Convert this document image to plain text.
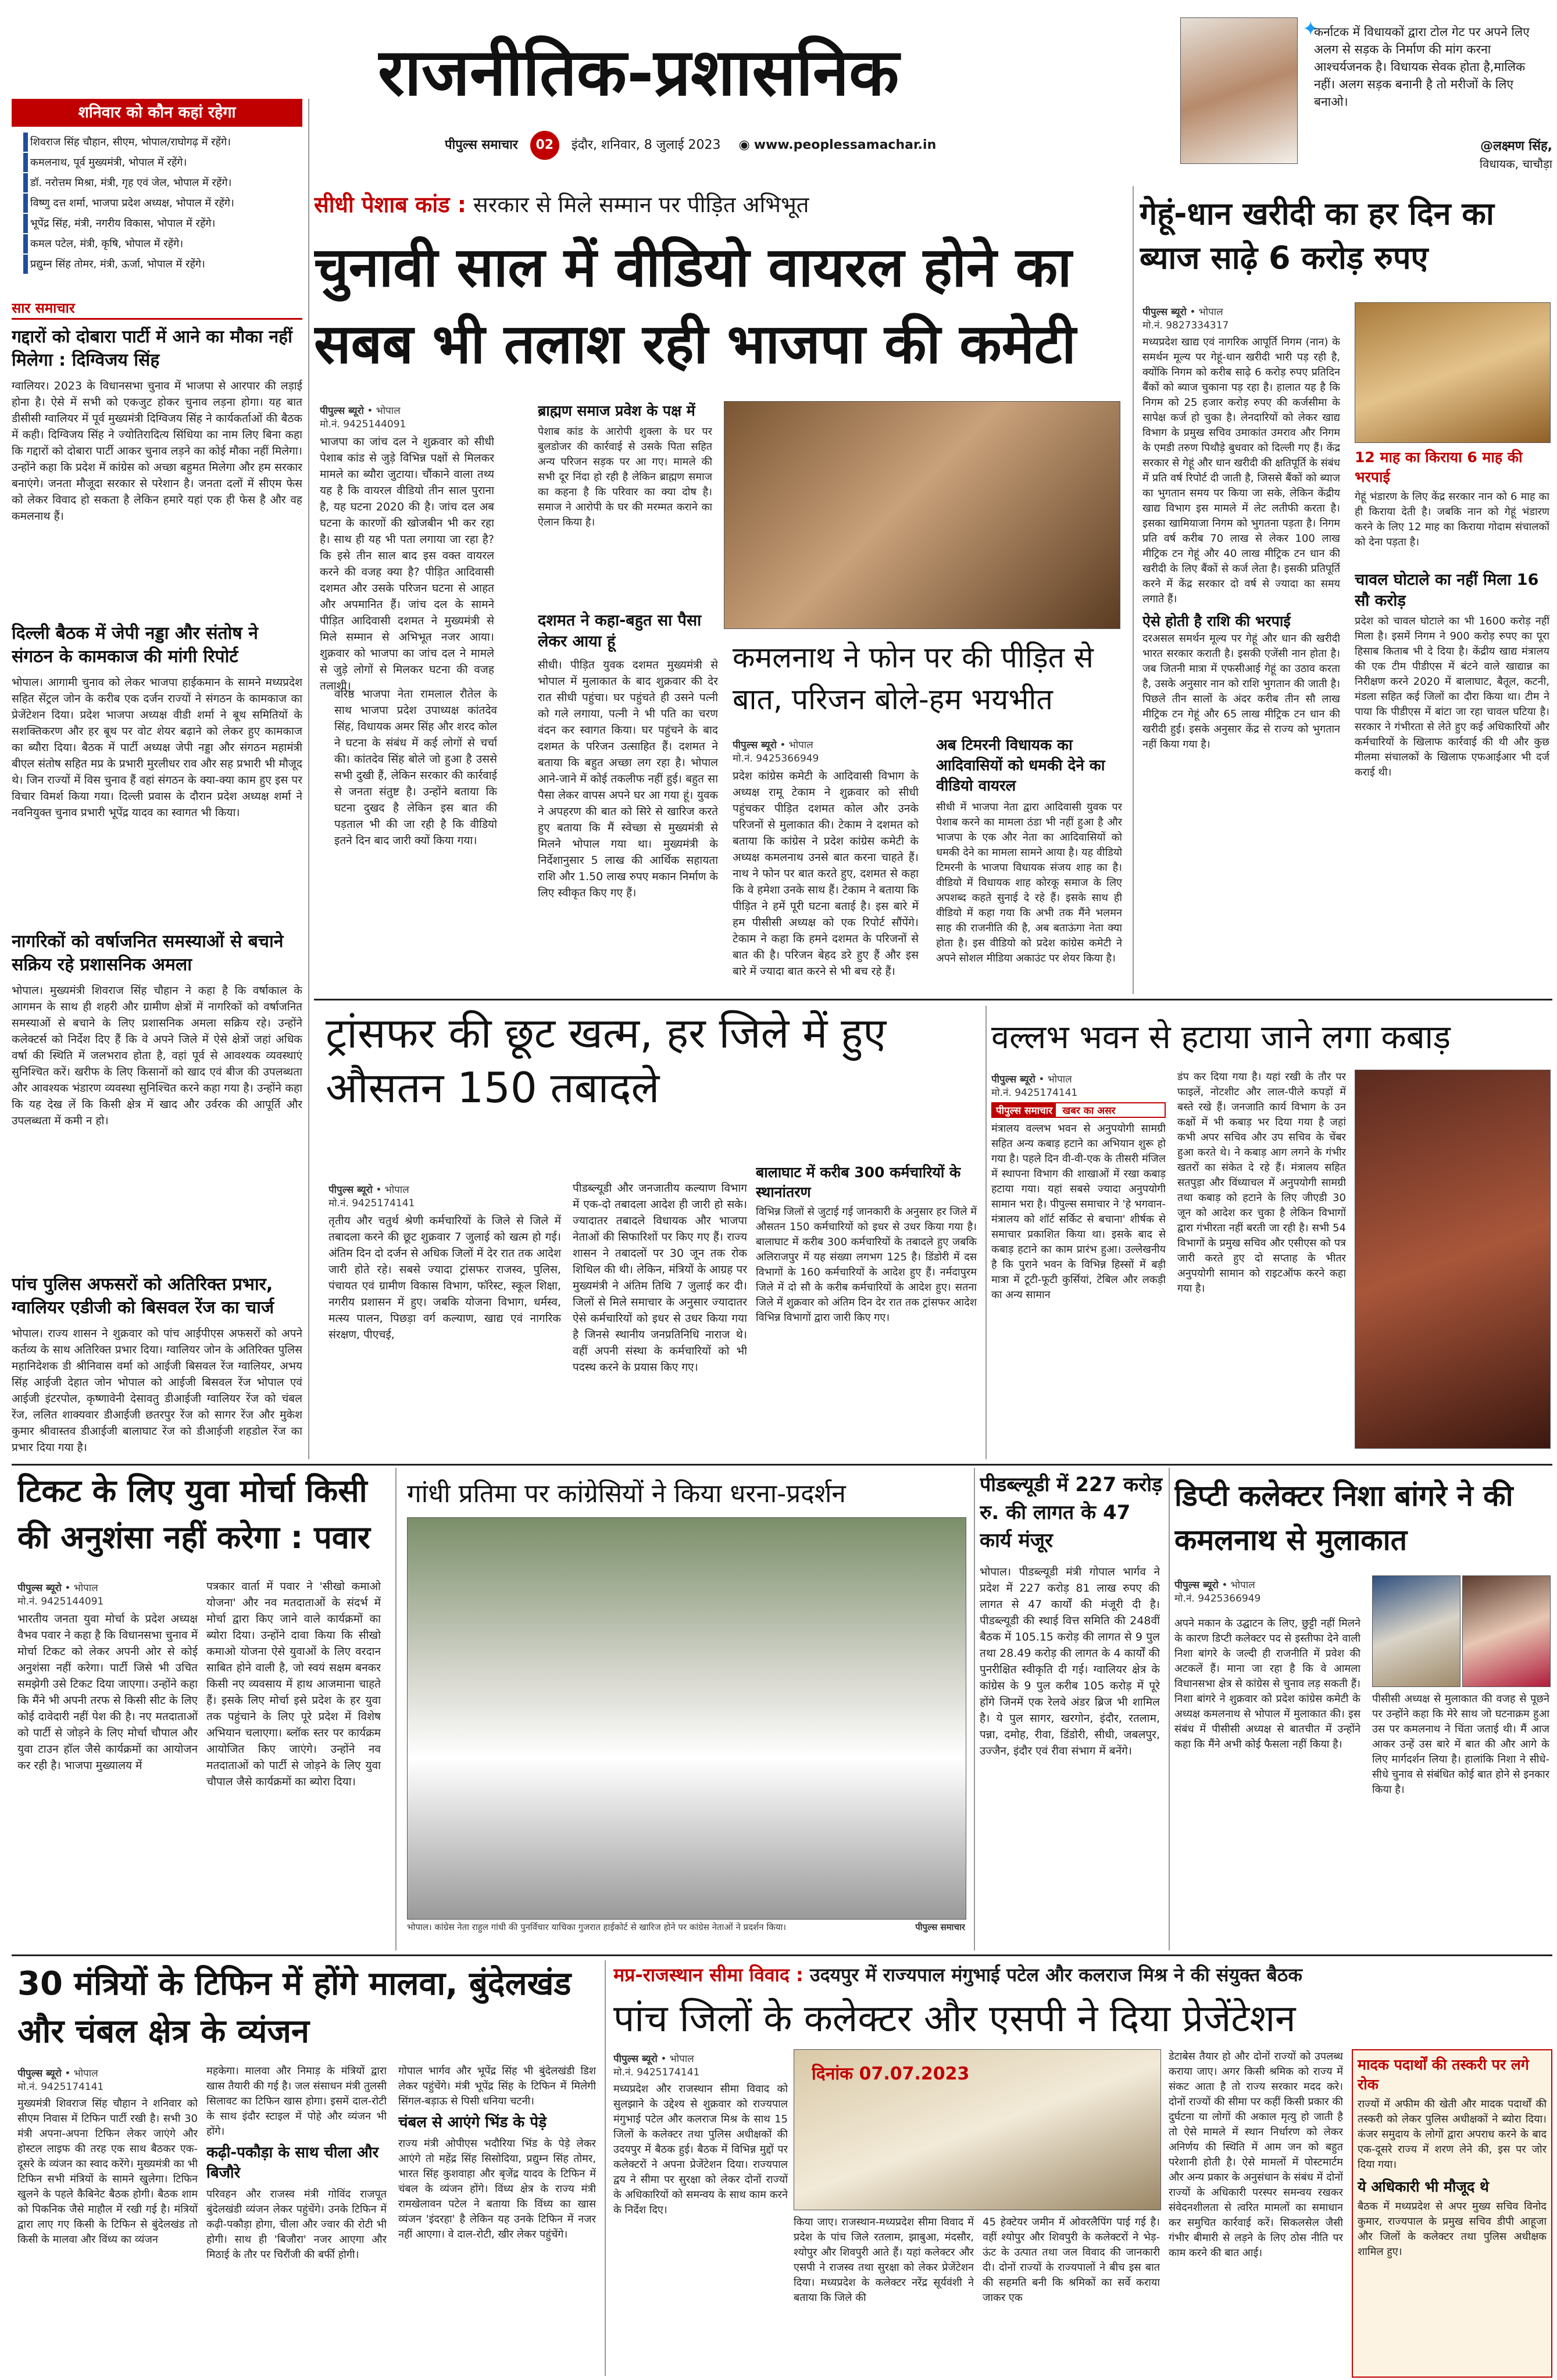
राजनीतिक-प्रशासनिक
पीपुल्स समाचार 02 इंदौर, शनिवार, 8 जुलाई 2023 ◉ www.peoplessamachar.in
✦
कर्नाटक में विधायकों द्वारा टोल गेट पर अपने लिए अलग से सड़क के निर्माण की मांग करना आश्चर्यजनक है। विधायक सेवक होता है,मालिक नहीं। अलग सड़क बनानी है तो मरीजों के लिए बनाओ।
@लक्ष्मण सिंह,
विधायक, चाचौड़ा
शनिवार को कौन कहां रहेगा
शिवराज सिंह चौहान, सीएम, भोपाल/राघोगढ़ में रहेंगे।
कमलनाथ, पूर्व मुख्यमंत्री, भोपाल में रहेंगे।
डॉ. नरोत्तम मिश्रा, मंत्री, गृह एवं जेल, भोपाल में रहेंगे।
विष्णु दत्त शर्मा, भाजपा प्रदेश अध्यक्ष, भोपाल में रहेंगे।
भूपेंद्र सिंह, मंत्री, नगरीय विकास, भोपाल में रहेंगे।
कमल पटेल, मंत्री, कृषि, भोपाल में रहेंगे।
प्रद्युम्न सिंह तोमर, मंत्री, ऊर्जा, भोपाल में रहेंगे।
सार समाचार
गद्दारों को दोबारा पार्टी में आने का मौका नहीं मिलेगा : दिग्विजय सिंह

ग्वालियर। 2023 के विधानसभा चुनाव में भाजपा से आरपार की लड़ाई होना है। ऐसे में सभी को एकजुट होकर चुनाव लड़ना होगा। यह बात डीसीसी ग्वालियर में पूर्व मुख्यमंत्री दिग्विजय सिंह ने कार्यकर्ताओं की बैठक में कही। दिग्विजय सिंह ने ज्योतिरादित्य सिंधिया का नाम लिए बिना कहा कि गद्दारों को दोबारा पार्टी आकर चुनाव लड़ने का कोई मौका नहीं मिलेगा। उन्होंने कहा कि प्रदेश में कांग्रेस को अच्छा बहुमत मिलेगा और हम सरकार बनाएंगे। जनता मौजूदा सरकार से परेशान है। जनता दलों में सीएम फेस को लेकर विवाद हो सकता है लेकिन हमारे यहां एक ही फेस है और वह कमलनाथ हैं।

दिल्ली बैठक में जेपी नड्डा और संतोष ने संगठन के कामकाज की मांगी रिपोर्ट

भोपाल। आगामी चुनाव को लेकर भाजपा हाईकमान के सामने मध्यप्रदेश सहित सेंट्रल जोन के करीब एक दर्जन राज्यों ने संगठन के कामकाज का प्रेजेंटेशन दिया। प्रदेश भाजपा अध्यक्ष वीडी शर्मा ने बूथ समितियों के सशक्तिकरण और हर बूथ पर वोट शेयर बढ़ाने को लेकर हुए कामकाज का ब्यौरा दिया। बैठक में पार्टी अध्यक्ष जेपी नड्डा और संगठन महामंत्री बीएल संतोष सहित मप्र के प्रभारी मुरलीधर राव और सह प्रभारी भी मौजूद थे। जिन राज्यों में विस चुनाव हैं वहां संगठन के क्या-क्या काम हुए इस पर विचार विमर्श किया गया। दिल्ली प्रवास के दौरान प्रदेश अध्यक्ष शर्मा ने नवनियुक्त चुनाव प्रभारी भूपेंद्र यादव का स्वागत भी किया।

नागरिकों को वर्षाजनित समस्याओं से बचाने सक्रिय रहे प्रशासनिक अमला

भोपाल। मुख्यमंत्री शिवराज सिंह चौहान ने कहा है कि वर्षाकाल के आगमन के साथ ही शहरी और ग्रामीण क्षेत्रों में नागरिकों को वर्षाजनित समस्याओं से बचाने के लिए प्रशासनिक अमला सक्रिय रहे। उन्होंने कलेक्टर्स को निर्देश दिए हैं कि वे अपने जिले में ऐसे क्षेत्रों जहां अधिक वर्षा की स्थिति में जलभराव होता है, वहां पूर्व से आवश्यक व्यवस्थाएं सुनिश्चित करें। खरीफ के लिए किसानों को खाद एवं बीज की उपलब्धता और आवश्यक भंडारण व्यवस्था सुनिश्चित करने कहा गया है। उन्होंने कहा कि यह देख लें कि किसी क्षेत्र में खाद और उर्वरक की आपूर्ति और उपलब्धता में कमी न हो।

पांच पुलिस अफसरों को अतिरिक्त प्रभार, ग्वालियर एडीजी को बिसवल रेंज का चार्ज

भोपाल। राज्य शासन ने शुक्रवार को पांच आईपीएस अफसरों को अपने कर्तव्य के साथ अतिरिक्त प्रभार दिया। ग्वालियर जोन के अतिरिक्त पुलिस महानिदेशक डी श्रीनिवास वर्मा को आईजी बिसवल रेंज ग्वालियर, अभय सिंह आईजी देहात जोन भोपाल को आईजी बिसवल रेंज भोपाल एवं आईजी इंटरपोल, कृष्णावेनी देसावतु डीआईजी ग्वालियर रेंज को चंबल रेंज, ललित शाक्यवार डीआईजी छतरपुर रेंज को सागर रेंज और मुकेश कुमार श्रीवास्तव डीआईजी बालाघाट रेंज को डीआईजी शहडोल रेंज का प्रभार दिया गया है।

सीधी पेशाब कांड : सरकार से मिले सम्मान पर पीड़ित अभिभूत
चुनावी साल में वीडियो वायरल होने का सबब भी तलाश रही भाजपा की कमेटी
पीपुल्स ब्यूरो • भोपाल
मो.नं. 9425144091

भाजपा का जांच दल ने शुक्रवार को सीधी पेशाब कांड से जुड़े विभिन्न पक्षों से मिलकर मामले का ब्यौरा जुटाया। चौंकाने वाला तथ्य यह है कि वायरल वीडियो तीन साल पुराना है, यह घटना 2020 की है। जांच दल अब घटना के कारणों की खोजबीन भी कर रहा है। साथ ही यह भी पता लगाया जा रहा है? कि इसे तीन साल बाद इस वक्त वायरल करने की वजह क्या है? पीड़ित आदिवासी दशमत और उसके परिजन घटना से आहत और अपमानित हैं। जांच दल के सामने पीड़ित आदिवासी दशमत ने मुख्यमंत्री से मिले सम्मान से अभिभूत नजर आया। शुक्रवार को भाजपा का जांच दल ने मामले से जुड़े लोगों से मिलकर घटना की वजह तलाशी।

वरिष्ठ भाजपा नेता रामलाल रौतेल के साथ भाजपा प्रदेश उपाध्यक्ष कांतदेव सिंह, विधायक अमर सिंह और शरद कोल ने घटना के संबंध में कई लोगों से चर्चा की। कांतदेव सिंह बोले जो हुआ है उससे सभी दुखी हैं, लेकिन सरकार की कार्रवाई से जनता संतुष्ट है। उन्होंने बताया कि घटना दुखद है लेकिन इस बात की पड़ताल भी की जा रही है कि वीडियो इतने दिन बाद जारी क्यों किया गया।

ब्राह्मण समाज प्रवेश के पक्ष में

पेशाब कांड के आरोपी शुक्ला के घर पर बुलडोजर की कार्रवाई से उसके पिता सहित अन्य परिजन सड़क पर आ गए। मामले की सभी दूर निंदा हो रही है लेकिन ब्राह्मण समाज का कहना है कि परिवार का क्या दोष है। समाज ने आरोपी के घर की मरम्मत कराने का ऐलान किया है।

दशमत ने कहा-बहुत सा पैसा लेकर आया हूं

सीधी। पीड़ित युवक दशमत मुख्यमंत्री से भोपाल में मुलाकात के बाद शुक्रवार की देर रात सीधी पहुंचा। घर पहुंचते ही उसने पत्नी को गले लगाया, पत्नी ने भी पति का चरण वंदन कर स्वागत किया। घर पहुंचने के बाद दशमत के परिजन उत्साहित हैं। दशमत ने बताया कि बहुत अच्छा लग रहा है। भोपाल आने-जाने में कोई तकलीफ नहीं हुई। बहुत सा पैसा लेकर वापस अपने घर आ गया हूं। युवक ने अपहरण की बात को सिरे से खारिज करते हुए बताया कि मैं स्वेच्छा से मुख्यमंत्री से मिलने भोपाल गया था। मुख्यमंत्री के निर्देशानुसार 5 लाख की आर्थिक सहायता राशि और 1.50 लाख रुपए मकान निर्माण के लिए स्वीकृत किए गए हैं।

कमलनाथ ने फोन पर की पीड़ित से बात, परिजन बोले-हम भयभीत
पीपुल्स ब्यूरो • भोपाल
मो.नं. 9425366949

प्रदेश कांग्रेस कमेटी के आदिवासी विभाग के अध्यक्ष रामू टेकाम ने शुक्रवार को सीधी पहुंचकर पीड़ित दशमत कोल और उनके परिजनों से मुलाकात की। टेकाम ने दशमत को बताया कि कांग्रेस ने प्रदेश कांग्रेस कमेटी के अध्यक्ष कमलनाथ उनसे बात करना चाहते हैं। नाथ ने फोन पर बात करते हुए, दशमत से कहा कि वे हमेशा उनके साथ हैं। टेकाम ने बताया कि पीड़ित ने हमें पूरी घटना बताई है। इस बारे में हम पीसीसी अध्यक्ष को एक रिपोर्ट सौंपेंगे। टेकाम ने कहा कि हमने दशमत के परिजनों से बात की है। परिजन बेहद डरे हुए हैं और इस बारे में ज्यादा बात करने से भी बच रहे हैं।

अब टिमरनी विधायक का आदिवासियों को धमकी देने का वीडियो वायरल

सीधी में भाजपा नेता द्वारा आदिवासी युवक पर पेशाब करने का मामला ठंडा भी नहीं हुआ है और भाजपा के एक और नेता का आदिवासियों को धमकी देने का मामला सामने आया है। यह वीडियो टिमरनी के भाजपा विधायक संजय शाह का है। वीडियो में विधायक शाह कोरकू समाज के लिए अपशब्द कहते सुनाई दे रहे हैं। इसके साथ ही वीडियो में कहा गया कि अभी तक मैंने भलमन साह की राजनीति की है, अब बताऊंगा नेता क्या होता है। इस वीडियो को प्रदेश कांग्रेस कमेटी ने अपने सोशल मीडिया अकाउंट पर शेयर किया है।

गेहूं-धान खरीदी का हर दिन का ब्याज साढ़े 6 करोड़ रुपए
पीपुल्स ब्यूरो • भोपाल
मो.नं. 9827334317

मध्यप्रदेश खाद्य एवं नागरिक आपूर्ति निगम (नान) के समर्थन मूल्य पर गेहूं-धान खरीदी भारी पड़ रही है, क्योंकि निगम को करीब साढ़े 6 करोड़ रुपए प्रतिदिन बैंकों को ब्याज चुकाना पड़ रहा है। हालात यह है कि निगम को 25 हजार करोड़ रुपए की कर्जसीमा के सापेक्ष कर्ज हो चुका है। लेनदारियों को लेकर खाद्य विभाग के प्रमुख सचिव उमाकांत उमराव और निगम के एमडी तरुण पिथौड़े बुधवार को दिल्ली गए हैं। केंद्र सरकार से गेहूं और धान खरीदी की क्षतिपूर्ति के संबंध में प्रति वर्ष रिपोर्ट दी जाती है, जिससे बैंकों को ब्याज का भुगतान समय पर किया जा सके, लेकिन केंद्रीय खाद्य विभाग इस मामले में लेट लतीफी करता है। इसका खामियाजा निगम को भुगतना पड़ता है। निगम प्रति वर्ष करीब 70 लाख से लेकर 100 लाख मीट्रिक टन गेहूं और 40 लाख मीट्रिक टन धान की खरीदी के लिए बैंकों से कर्ज लेता है। इसकी प्रतिपूर्ति करने में केंद्र सरकार दो वर्ष से ज्यादा का समय लगाते हैं।

ऐसे होती है राशि की भरपाई

दरअसल समर्थन मूल्य पर गेहूं और धान की खरीदी भारत सरकार कराती है। इसकी एजेंसी नान होता है। जब जितनी मात्रा में एफसीआई गेहूं का उठाव करता है, उसके अनुसार नान को राशि भुगतान की जाती है। पिछले तीन सालों के अंदर करीब तीन सौ लाख मीट्रिक टन गेहूं और 65 लाख मीट्रिक टन धान की खरीदी हुई। इसके अनुसार केंद्र से राज्य को भुगतान नहीं किया गया है।

12 माह का किराया 6 माह की भरपाई

गेहूं भंडारण के लिए केंद्र सरकार नान को 6 माह का ही किराया देती है। जबकि नान को गेहूं भंडारण करने के लिए 12 माह का किराया गोदाम संचालकों को देना पड़ता है।

चावल घोटाले का नहीं मिला 16 सौ करोड़

प्रदेश को चावल घोटाले का भी 1600 करोड़ नहीं मिला है। इसमें निगम ने 900 करोड़ रुपए का पूरा हिसाब किताब भी दे दिया है। केंद्रीय खाद्य मंत्रालय की एक टीम पीडीएस में बंटने वाले खाद्यान्न का निरीक्षण करने 2020 में बालाघाट, बैतूल, कटनी, मंडला सहित कई जिलों का दौरा किया था। टीम ने पाया कि पीडीएस में बांटा जा रहा चावल घटिया है। सरकार ने गंभीरता से लेते हुए कई अधिकारियों और कर्मचारियों के खिलाफ कार्रवाई की थी और कुछ मीलमा संचालकों के खिलाफ एफआईआर भी दर्ज कराई थी।

ट्रांसफर की छूट खत्म, हर जिले में हुए औसतन 150 तबादले
पीपुल्स ब्यूरो • भोपाल
मो.नं. 9425174141

तृतीय और चतुर्थ श्रेणी कर्मचारियों के जिले से जिले में तबादला करने की छूट शुक्रवार 7 जुलाई को खत्म हो गई। अंतिम दिन दो दर्जन से अधिक जिलों में देर रात तक आदेश जारी होते रहे। सबसे ज्यादा ट्रांसफर राजस्व, पुलिस, पंचायत एवं ग्रामीण विकास विभाग, फॉरेस्ट, स्कूल शिक्षा, नगरीय प्रशासन में हुए। जबकि योजना विभाग, धर्मस्व, मत्स्य पालन, पिछड़ा वर्ग कल्याण, खाद्य एवं नागरिक संरक्षण, पीएचई,

पीडब्ल्यूडी और जनजातीय कल्याण विभाग में एक-दो तबादला आदेश ही जारी हो सके। ज्यादातर तबादले विधायक और भाजपा नेताओं की सिफारिशों पर किए गए हैं। राज्य शासन ने तबादलों पर 30 जून तक रोक शिथिल की थी। लेकिन, मंत्रियों के आग्रह पर मुख्यमंत्री ने अंतिम तिथि 7 जुलाई कर दी। जिलों से मिले समाचार के अनुसार ज्यादातर ऐसे कर्मचारियों को इधर से उधर किया गया है जिनसे स्थानीय जनप्रतिनिधि नाराज थे। वहीं अपनी संस्था के कर्मचारियों को भी पदस्थ करने के प्रयास किए गए।

बालाघाट में करीब 300 कर्मचारियों के स्थानांतरण

विभिन्न जिलों से जुटाई गई जानकारी के अनुसार हर जिले में औसतन 150 कर्मचारियों को इधर से उधर किया गया है। बालाघाट में करीब 300 कर्मचारियों के तबादले हुए जबकि अलिराजपुर में यह संख्या लगभग 125 है। डिंडोरी में दस विभागों के 160 कर्मचारियों के आदेश हुए हैं। नर्मदापुरम जिले में दो सौ के करीब कर्मचारियों के आदेश हुए। सतना जिले में शुक्रवार को अंतिम दिन देर रात तक ट्रांसफर आदेश विभिन्न विभागों द्वारा जारी किए गए।

वल्लभ भवन से हटाया जाने लगा कबाड़
पीपुल्स ब्यूरो • भोपाल
मो.नं. 9425174141
पीपुल्स समाचार खबर का असर

मंत्रालय वल्लभ भवन से अनुपयोगी सामग्री सहित अन्य कबाड़ हटाने का अभियान शुरू हो गया है। पहले दिन वी-वी-एक के तीसरी मंजिल में स्थापना विभाग की शाखाओं में रखा कबाड़ हटाया गया। यहां सबसे ज्यादा अनुपयोगी सामान भरा है। पीपुल्स समाचार ने 'हे भगवान- मंत्रालय को शॉर्ट सर्किट से बचाना' शीर्षक से समाचार प्रकाशित किया था। इसके बाद से कबाड़ हटाने का काम प्रारंभ हुआ। उल्लेखनीय है कि पुराने भवन के विभिन्न हिस्सों में बड़ी मात्रा में टूटी-फूटी कुर्सियां, टेबिल और लकड़ी का अन्य सामान

डंप कर दिया गया है। यहां रखी के तौर पर फाइलें, नोटशीट और लाल-पीले कपड़ों में बस्ते रखे हैं। जनजाति कार्य विभाग के उन कक्षों में भी कबाड़ भर दिया गया है जहां कभी अपर सचिव और उप सचिव के चेंबर हुआ करते थे। ने कबाड़ आग लगने के गंभीर खतरों का संकेत दे रहे हैं। मंत्रालय सहित सतपुड़ा और विंध्याचल में अनुपयोगी सामग्री तथा कबाड़ को हटाने के लिए जीएडी 30 जून को आदेश कर चुका है लेकिन विभागों द्वारा गंभीरता नहीं बरती जा रही है। सभी 54 विभागों के प्रमुख सचिव और एसीएस को पत्र जारी करते हुए दो सप्ताह के भीतर अनुपयोगी सामान को राइटऑफ करने कहा गया है।

टिकट के लिए युवा मोर्चा किसी की अनुशंसा नहीं करेगा : पवार
पीपुल्स ब्यूरो • भोपाल
मो.नं. 9425144091

भारतीय जनता युवा मोर्चा के प्रदेश अध्यक्ष वैभव पवार ने कहा है कि विधानसभा चुनाव में मोर्चा टिकट को लेकर अपनी ओर से कोई अनुशंसा नहीं करेगा। पार्टी जिसे भी उचित समझेगी उसे टिकट दिया जाएगा। उन्होंने कहा कि मैंने भी अपनी तरफ से किसी सीट के लिए कोई दावेदारी नहीं पेश की है। नए मतदाताओं को पार्टी से जोड़ने के लिए मोर्चा चौपाल और युवा टाउन हॉल जैसे कार्यक्रमों का आयोजन कर रही है। भाजपा मुख्यालय में

पत्रकार वार्ता में पवार ने 'सीखो कमाओ योजना' और नव मतदाताओं के संदर्भ में मोर्चा द्वारा किए जाने वाले कार्यक्रमों का ब्योरा दिया। उन्होंने दावा किया कि सीखो कमाओ योजना ऐसे युवाओं के लिए वरदान साबित होने वाली है, जो स्वयं सक्षम बनकर किसी नए व्यवसाय में हाथ आजमाना चाहते हैं। इसके लिए मोर्चा इसे प्रदेश के हर युवा तक पहुंचाने के लिए पूरे प्रदेश में विशेष अभियान चलाएगा। ब्लॉक स्तर पर कार्यक्रम आयोजित किए जाएंगे। उन्होंने नव मतदाताओं को पार्टी से जोड़ने के लिए युवा चौपाल जैसे कार्यक्रमों का ब्योरा दिया।

गांधी प्रतिमा पर कांग्रेसियों ने किया धरना-प्रदर्शन
भोपाल। कांग्रेस नेता राहुल गांधी की पुनर्विचार याचिका गुजरात हाईकोर्ट से खारिज होने पर कांग्रेस नेताओं ने प्रदर्शन किया।	पीपुल्स समाचार
पीडब्ल्यूडी में 227 करोड़ रु. की लागत के 47 कार्य मंजूर

भोपाल। पीडब्ल्यूडी मंत्री गोपाल भार्गव ने प्रदेश में 227 करोड़ 81 लाख रुपए की लागत से 47 कार्यों की मंजूरी दी है। पीडब्ल्यूडी की स्थाई वित्त समिति की 248वीं बैठक में 105.15 करोड़ की लागत से 9 पुल तथा 28.49 करोड़ की लागत के 4 कार्यों की पुनरीक्षित स्वीकृति दी गई। ग्वालियर क्षेत्र के कांग्रेस के 9 पुल करीब 105 करोड़ में पूरे होंगे जिनमें एक रेलवे अंडर ब्रिज भी शामिल है। ये पुल सागर, खरगोन, इंदौर, रतलाम, पन्ना, दमोह, रीवा, डिंडोरी, सीधी, जबलपुर, उज्जैन, इंदौर एवं रीवा संभाग में बनेंगे।

डिप्टी कलेक्टर निशा बांगरे ने की कमलनाथ से मुलाकात
पीपुल्स ब्यूरो • भोपाल
मो.नं. 9425366949

अपने मकान के उद्घाटन के लिए, छुट्टी नहीं मिलने के कारण डिप्टी कलेक्टर पद से इस्तीफा देने वाली निशा बांगरे के जल्दी ही राजनीति में प्रवेश की अटकलें हैं। माना जा रहा है कि वे आमला विधानसभा क्षेत्र से कांग्रेस से चुनाव लड़ सकती हैं। निशा बांगरे ने शुक्रवार को प्रदेश कांग्रेस कमेटी के अध्यक्ष कमलनाथ से भोपाल में मुलाकात की। इस संबंध में पीसीसी अध्यक्ष से बातचीत में उन्होंने कहा कि मैंने अभी कोई फैसला नहीं किया है।

पीसीसी अध्यक्ष से मुलाकात की वजह से पूछने पर उन्होंने कहा कि मेरे साथ जो घटनाक्रम हुआ उस पर कमलनाथ ने चिंता जताई थी। मैं आज आकर उन्हें उस बारे में बात की और आगे के लिए मार्गदर्शन लिया है। हालांकि निशा ने सीधे-सीधे चुनाव से संबंधित कोई बात होने से इनकार किया है।

30 मंत्रियों के टिफिन में होंगे मालवा, बुंदेलखंड और चंबल क्षेत्र के व्यंजन
पीपुल्स ब्यूरो • भोपाल
मो.नं. 9425174141

मुख्यमंत्री शिवराज सिंह चौहान ने शनिवार को सीएम निवास में टिफिन पार्टी रखी है। सभी 30 मंत्री अपना-अपना टिफिन लेकर जाएंगे और होस्टल लाइफ की तरह एक साथ बैठकर एक-दूसरे के व्यंजन का स्वाद करेंगे। मुख्यमंत्री का भी टिफिन सभी मंत्रियों के सामने खुलेगा। टिफिन खुलने के पहले कैबिनेट बैठक होगी। बैठक शाम को पिकनिक जैसे माहौल में रखी गई है। मंत्रियों द्वारा लाए गए किसी के टिफिन से बुंदेलखंड तो किसी के मालवा और विंध्य का व्यंजन

महकेगा। मालवा और निमाड़ के मंत्रियों द्वारा खास तैयारी की गई है। जल संसाधन मंत्री तुलसी सिलावट का टिफिन खास होगा। इसमें दाल-रोटी के साथ इंदौर स्टाइल में पोहे और व्यंजन भी होंगे।

कढ़ी-पकौड़ा के साथ चीला और बिजौरे

परिवहन और राजस्व मंत्री गोविंद राजपूत बुंदेलखंडी व्यंजन लेकर पहुंचेंगे। उनके टिफिन में कढ़ी-पकौड़ा होगा, चीला और ज्वार की रोटी भी होगी। साथ ही 'बिजौरा' नजर आएगा और मिठाई के तौर पर चिरौंजी की बर्फी होगी।

गोपाल भार्गव और भूपेंद्र सिंह भी बुंदेलखंडी डिश लेकर पहुंचेंगे। मंत्री भूपेंद्र सिंह के टिफिन में मिलेगी सिंगल-बड़ाऊ से पिसी धनिया चटनी।

चंबल से आएंगे भिंड के पेड़े

राज्य मंत्री ओपीएस भदौरिया भिंड के पेड़े लेकर आएंगे तो महेंद्र सिंह सिसोदिया, प्रद्युम्न सिंह तोमर, भारत सिंह कुशवाहा और बृजेंद्र यादव के टिफिन में चंबल के व्यंजन होंगे। विंध्य क्षेत्र के राज्य मंत्री रामखेलावन पटेल ने बताया कि विंध्य का खास व्यंजन 'इंदरहा' है लेकिन यह उनके टिफिन में नजर नहीं आएगा। वे दाल-रोटी, खीर लेकर पहुंचेंगे।

मप्र-राजस्थान सीमा विवाद : उदयपुर में राज्यपाल मंगुभाई पटेल और कलराज मिश्र ने की संयुक्त बैठक
पांच जिलों के कलेक्टर और एसपी ने दिया प्रेजेंटेशन
पीपुल्स ब्यूरो • भोपाल
मो.नं. 9425174141

मध्यप्रदेश और राजस्थान सीमा विवाद को सुलझाने के उद्देश्य से शुक्रवार को राज्यपाल मंगुभाई पटेल और कलराज मिश्र के साथ 15 जिलों के कलेक्टर तथा पुलिस अधीक्षकों की उदयपुर में बैठक हुई। बैठक में विभिन्न मुद्दों पर कलेक्टरों ने अपना प्रेजेंटेशन दिया। राज्यपाल द्वय ने सीमा पर सुरक्षा को लेकर दोनों राज्यों के अधिकारियों को समन्वय के साथ काम करने के निर्देश दिए।

दिनांक 07.07.2023

किया जाए। राजस्थान-मध्यप्रदेश सीमा विवाद में प्रदेश के पांच जिले रतलाम, झाबुआ, मंदसौर, श्योपुर और शिवपुरी आते हैं। यहां कलेक्टर और एसपी ने राजस्व तथा सुरक्षा को लेकर प्रेजेंटेशन दिया। मध्यप्रदेश के कलेक्टर नरेंद्र सूर्यवंशी ने बताया कि जिले की

45 हेक्टेयर जमीन में ओवरलैपिंग पाई गई है। वहीं श्योपुर और शिवपुरी के कलेक्टरों ने भेड़-ऊंट के उत्पात तथा जल विवाद की जानकारी दी। दोनों राज्यों के राज्यपालों ने बीच इस बात की सहमति बनी कि श्रमिकों का सर्वे कराया जाकर एक

डेटाबेस तैयार हो और दोनों राज्यों को उपलब्ध कराया जाए। अगर किसी श्रमिक को राज्य में संकट आता है तो राज्य सरकार मदद करे। दोनों राज्यों की सीमा पर कहीं किसी प्रकार की दुर्घटना या लोगों की अकाल मृत्यु हो जाती है तो ऐसे मामले में स्थान निर्धारण को लेकर अनिर्णय की स्थिति में आम जन को बहुत परेशानी होती है। ऐसे मामलों में पोस्टमार्टम और अन्य प्रकार के अनुसंधान के संबंध में दोनों राज्यों के अधिकारी परस्पर समन्वय रखकर संवेदनशीलता से त्वरित मामलों का समाधान कर समुचित कार्रवाई करें। सिकलसेल जैसी गंभीर बीमारी से लड़ने के लिए ठोस नीति पर काम करने की बात आई।

मादक पदार्थों की तस्करी पर लगे रोक

राज्यों में अफीम की खेती और मादक पदार्थों की तस्करी को लेकर पुलिस अधीक्षकों ने ब्योरा दिया। कंजर समुदाय के लोगों द्वारा अपराध करने के बाद एक-दूसरे राज्य में शरण लेने की, इस पर जोर दिया गया।

ये अधिकारी भी मौजूद थे

बैठक में मध्यप्रदेश से अपर मुख्य सचिव विनोद कुमार, राज्यपाल के प्रमुख सचिव डीपी आहूजा और जिलों के कलेक्टर तथा पुलिस अधीक्षक शामिल हुए।
